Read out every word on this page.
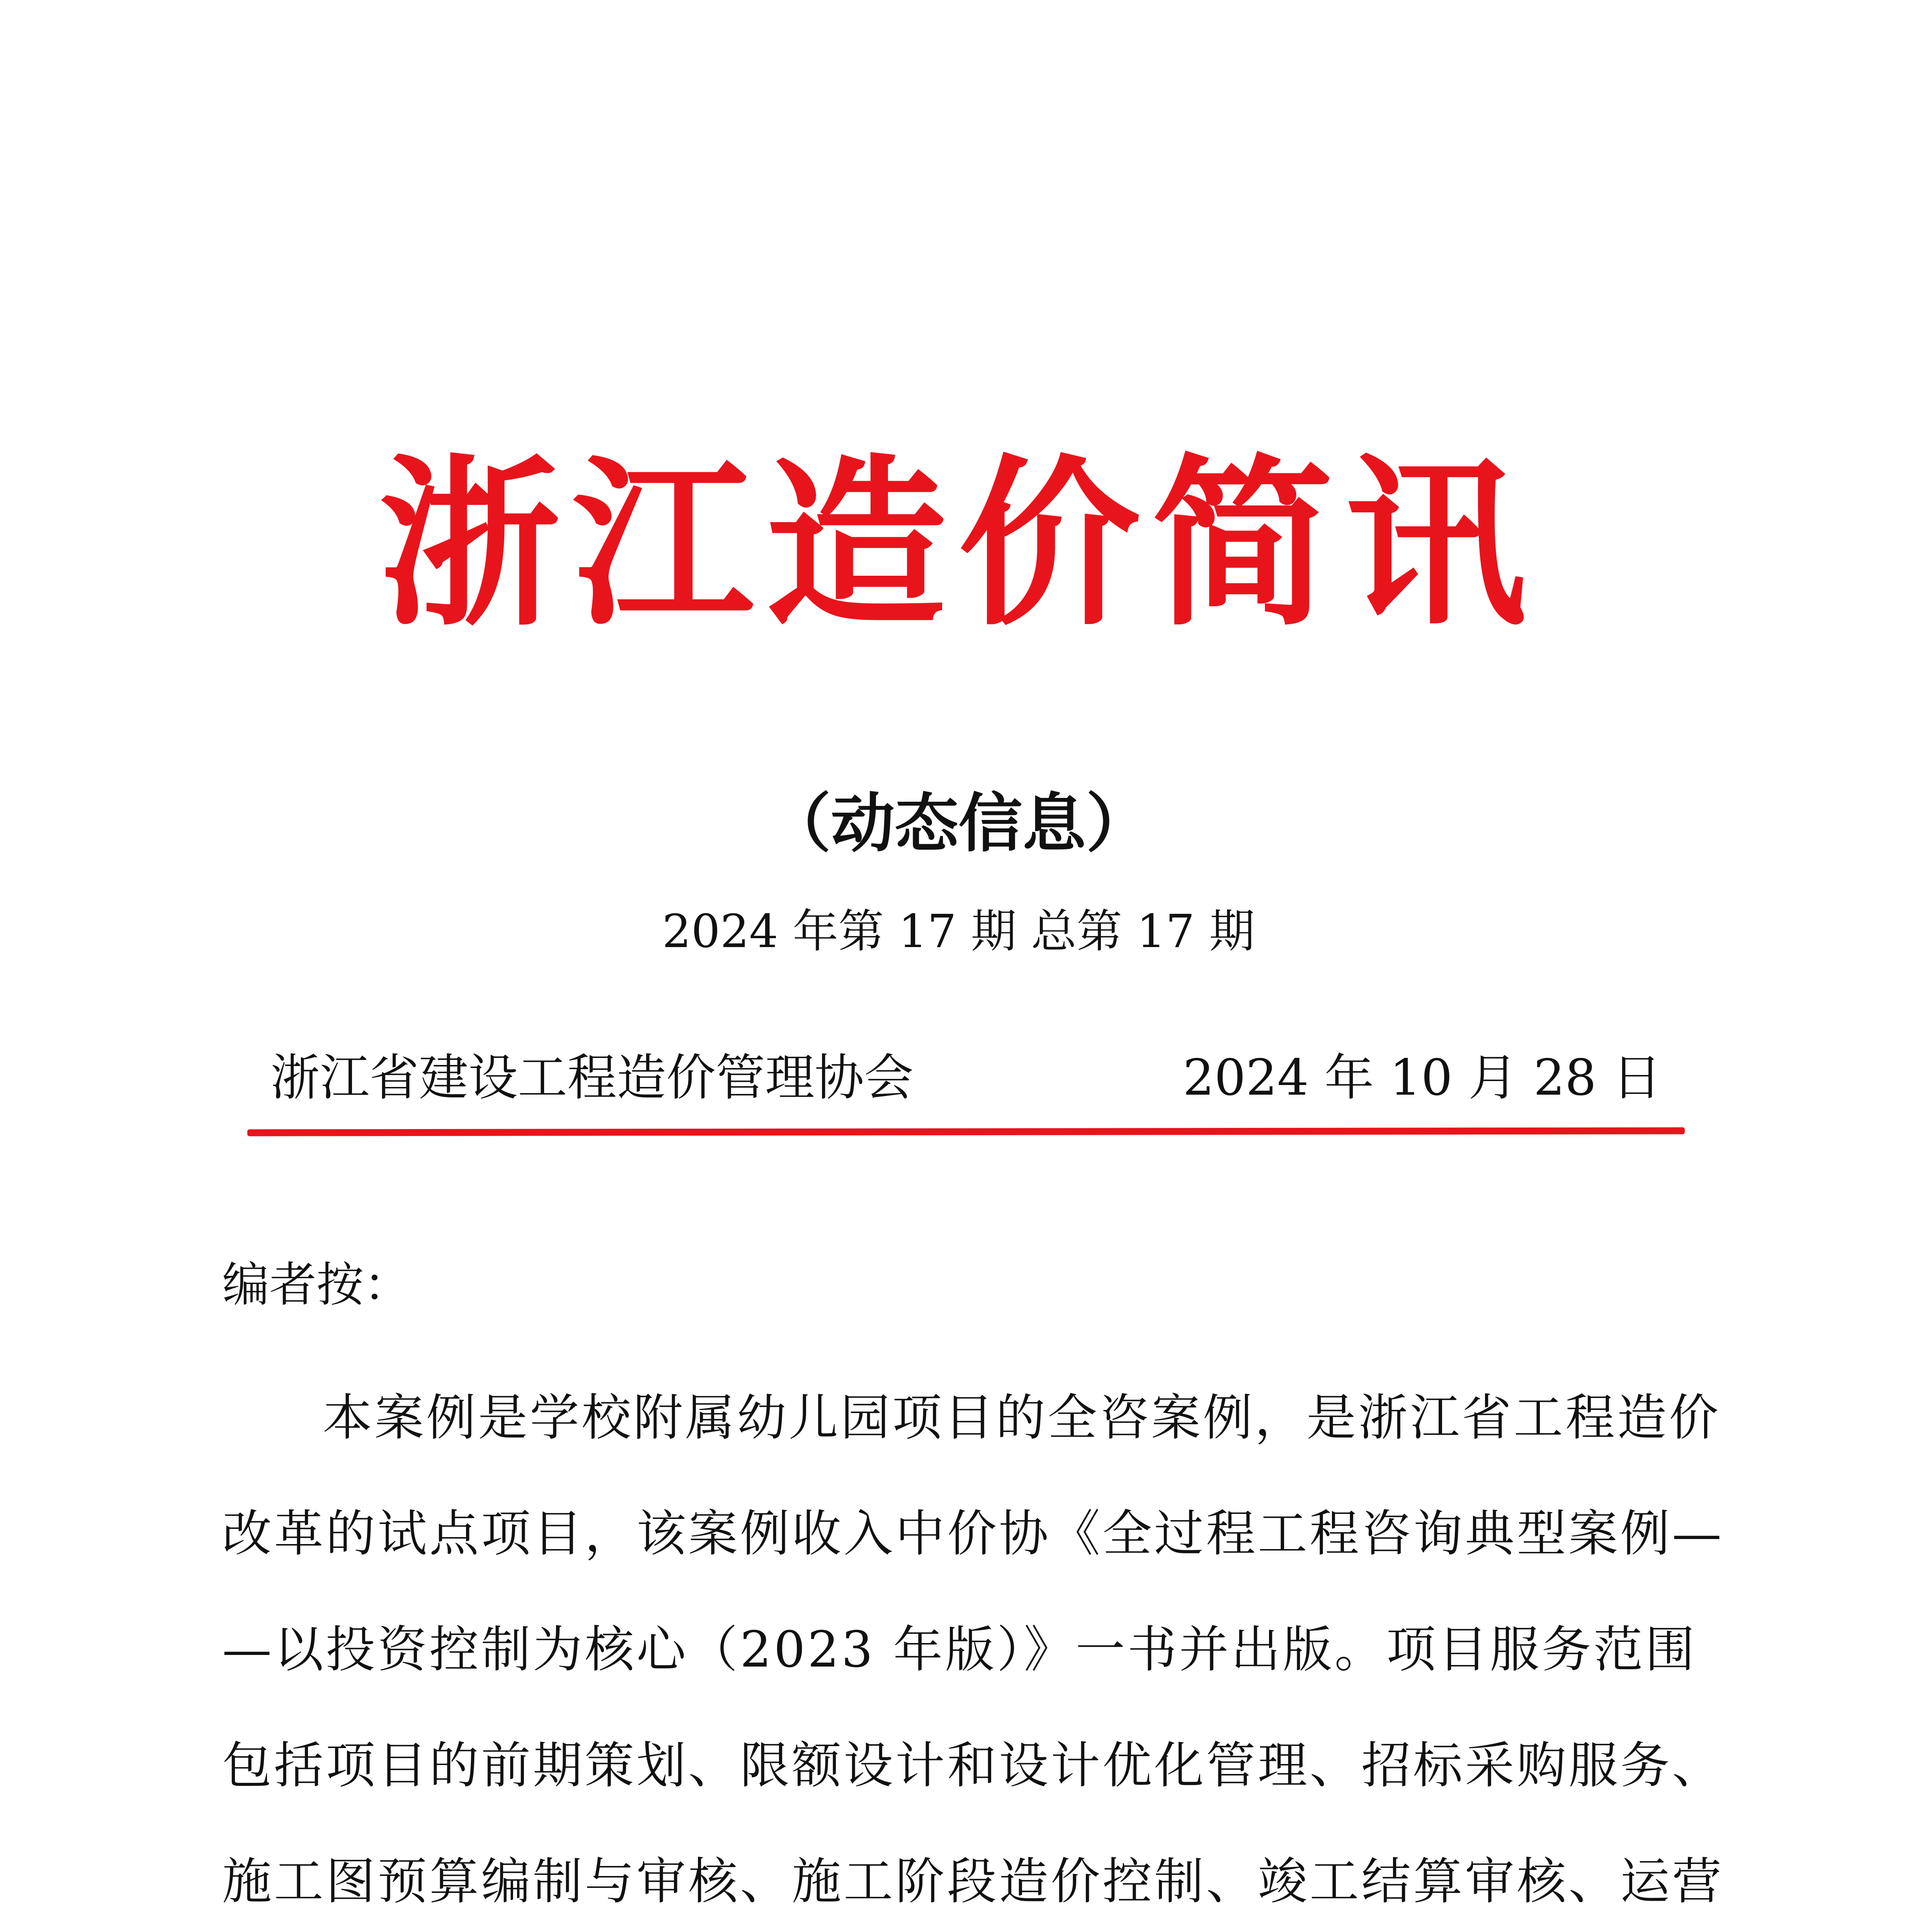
浙江造价简讯
（动态信息）
2024 年第 17 期 总第 17 期
浙江省建设工程造价管理协会	2024 年 10 月 28 日
编者按：
本案例是学校附属幼儿园项目的全咨案例，是浙江省工程造价
改革的试点项目，该案例收入中价协《全过程工程咨询典型案例—
—以投资控制为核心（2023 年版）》一书并出版。项目服务范围
包括项目的前期策划、限额设计和设计优化管理、招标采购服务、
施工图预算编制与审核、施工阶段造价控制、竣工结算审核、运营
